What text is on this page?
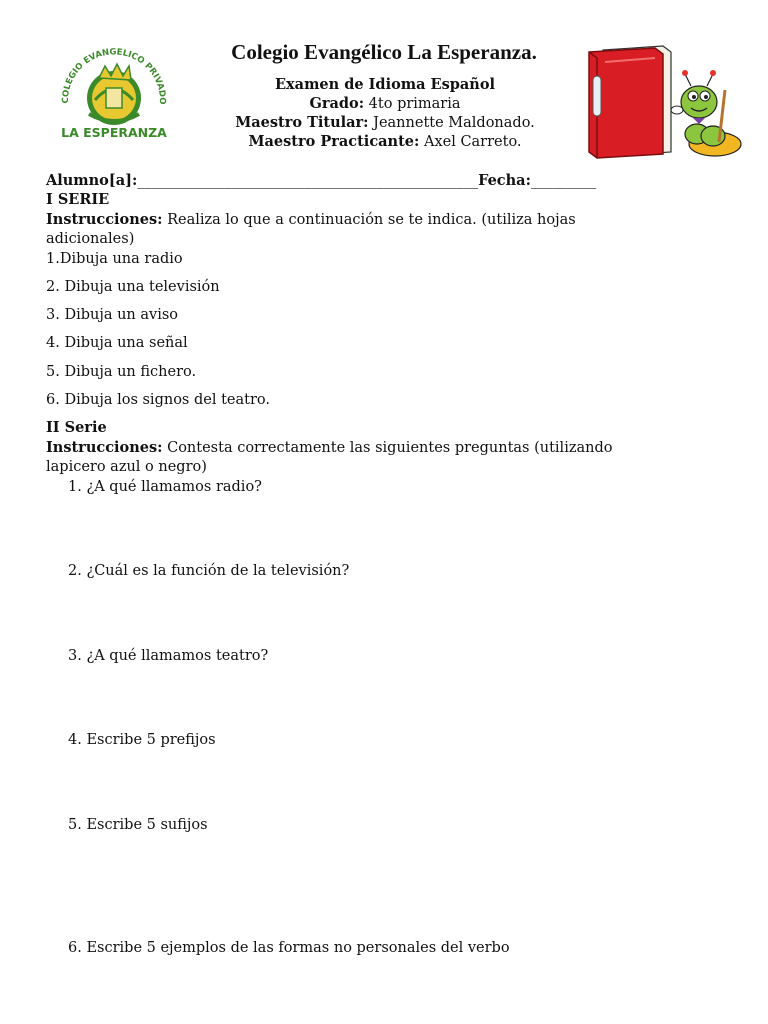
COLEGIO EVANGELICO PRIVADO
LA ESPERANZA
Colegio Evangélico La Esperanza.
Examen de Idioma Español
Grado: 4to primaria
Maestro Titular: Jeannette Maldonado.
Maestro Practicante: Axel Carreto.
Alumno[a]:_______________________________________________Fecha:_________
I SERIE
Instrucciones: Realiza lo que a continuación se te indica. (utiliza hojas
adicionales)
1.Dibuja una radio
2. Dibuja una televisión
3. Dibuja un aviso
4. Dibuja una señal
5. Dibuja un fichero.
6. Dibuja los signos del teatro.
II Serie
Instrucciones: Contesta correctamente las siguientes preguntas (utilizando
lapicero azul o negro)
1. ¿A qué llamamos radio?
2. ¿Cuál es la función de la televisión?
3. ¿A qué llamamos teatro?
4. Escribe 5 prefijos
5. Escribe 5 sufijos
6. Escribe 5 ejemplos de las formas no personales del verbo
